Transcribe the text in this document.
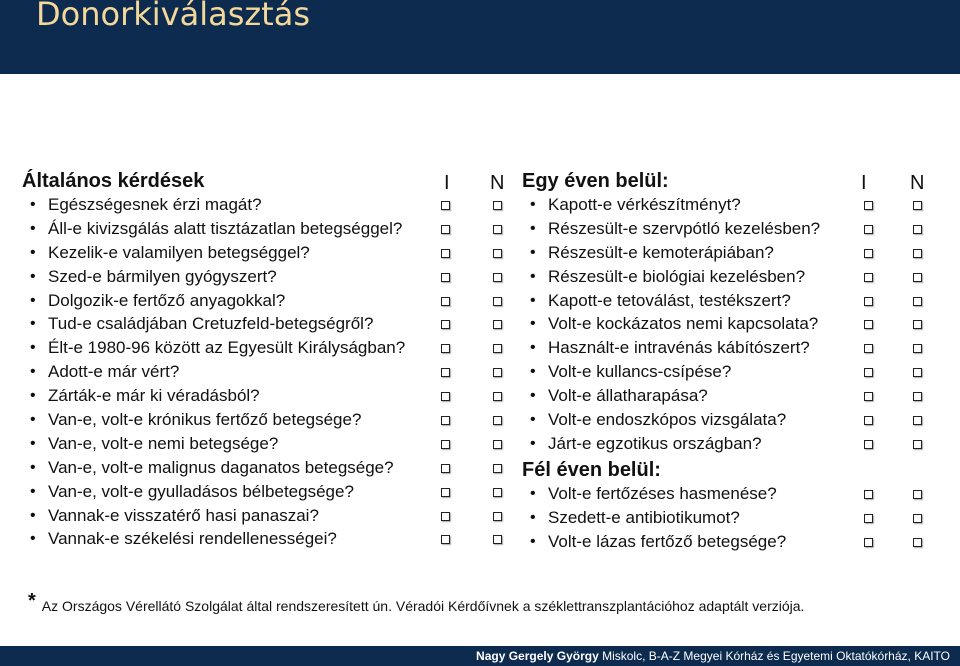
Donorkiválasztás
Általános kérdések	I N
• Egészségesnek érzi magát?
• Áll-e kivizsgálás alatt tisztázatlan betegséggel?
• Kezelik-e valamilyen betegséggel?
• Szed-e bármilyen gyógyszert?
• Dolgozik-e fertőző anyagokkal?
• Tud-e családjában Cretuzfeld-betegségről?
• Élt-e 1980-96 között az Egyesült Királyságban?
• Adott-e már vért?
• Zárták-e már ki véradásból?
• Van-e, volt-e krónikus fertőző betegsége?
• Van-e, volt-e nemi betegsége?
• Van-e, volt-e malignus daganatos betegsége?
• Van-e, volt-e gyulladásos bélbetegsége?
• Vannak-e visszatérő hasi panaszai?
• Vannak-e székelési rendellenességei?
Egy éven belül:	I N
• Kapott-e vérkészítményt?
• Részesült-e szervpótló kezelésben?
• Részesült-e kemoterápiában?
• Részesült-e biológiai kezelésben?
• Kapott-e tetoválást, testékszert?
• Volt-e kockázatos nemi kapcsolata?
• Használt-e intravénás kábítószert?
• Volt-e kullancs-csípése?
• Volt-e állatharapása?
• Volt-e endoszkópos vizsgálata?
• Járt-e egzotikus országban?
Fél éven belül:
• Volt-e fertőzéses hasmenése?
• Szedett-e antibiotikumot?
• Volt-e lázas fertőző betegsége?
* Az Országos Vérellátó Szolgálat által rendszeresített ún. Véradói Kérdőívnek a széklettranszplantációhoz adaptált verziója.
Nagy Gergely György Miskolc, B-A-Z Megyei Kórház és Egyetemi Oktatókórház, KAITO
